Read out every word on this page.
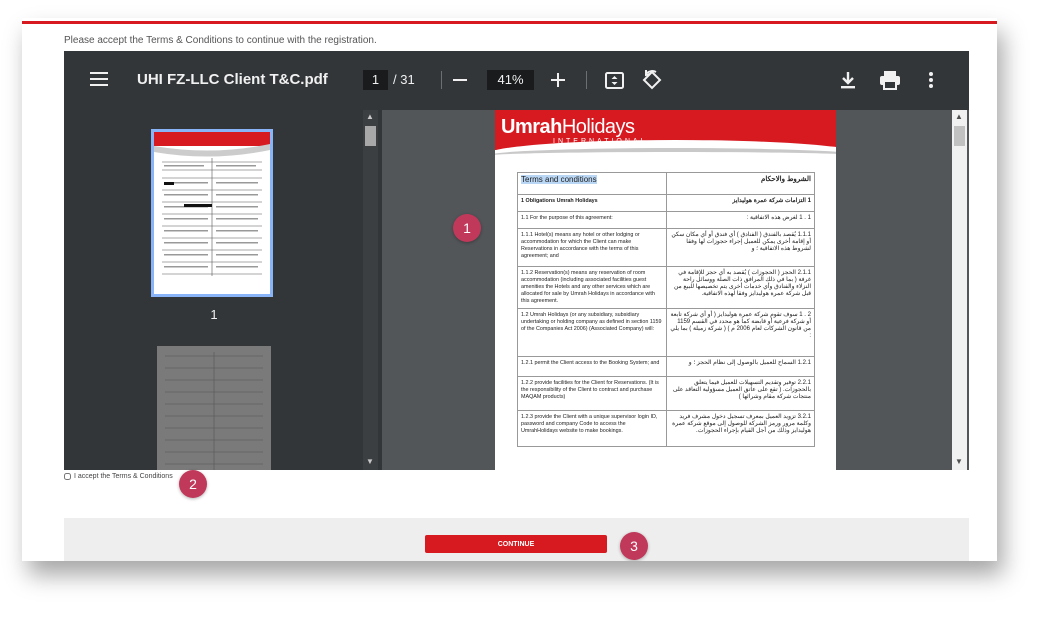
Please accept the Terms & Conditions to continue with the registration.
UHI FZ-LLC Client T&C.pdf	1	/ 31	41%
1
▲
▼
UmrahHolidays
INTERNATIONAL
Terms and conditions	الشروط والاحكام
1 Obligations Umrah Holidays	1 التزامات شركة عمرة هوليدايز
1.1 For the purpose of this agreement:	1 . 1 لغرض هذه الاتفاقية :
1.1.1 Hotel(s) means any hotel or other lodging or accommodation for which the Client can make Reservations in accordance with the terms of this agreement; and	1.1.1 يُقصد بالفندق ( الفنادق ) أي فندق أو أي مكان سكن أو إقامة أخرى يمكن للعميل إجراء حجوزات لها وفقا لشروط هذه الاتفاقية ؛ و
1.1.2 Reservation(s) means any reservation of room accommodation (including associated facilities guest amenities the Hotels and any other services which are allocated for sale by Umrah Holidays in accordance with this agreement.	2.1.1 الحجز ( الحجوزات ) يُقصد به أي حجز للإقامة في غرفة ( بما في ذلك المرافق ذات الصلة ووسائل راحة النزلاء والفنادق وأي خدمات أخرى يتم تخصيصها للبيع من قبل شركة عمرة هوليدايز وفقا لهذه الاتفاقية.
1.2 Umrah Holidays (or any subsidiary, subsidiary undertaking or holding company as defined in section 1159 of the Companies Act 2006) (Associated Company) will:	2 . 1 سوف تقوم شركة عمرة هوليدايز ( أو أي شركة تابعة أو شركة فرعية أو قابضة كما هو محدد في القسم 1159 من قانون الشركات لعام 2006 م ) ( شركة زميلة ) بما يلي :
1.2.1 permit the Client access to the Booking System; and	1.2.1 السماح للعميل بالوصول إلى نظام الحجز ؛ و
1.2.2 provide facilities for the Client for Reservations. (It is the responsibility of the Client to contract and purchase MAQAM products)	2.2.1 توفير وتقديم التسهيلات للعميل فيما يتعلق بالحجوزات. ( تقع على عاتق العميل مسؤولية التعاقد على منتجات شركة مقام وشرائها )
1.2.3 provide the Client with a unique supervisor login ID, password and company Code to access the UmrahHolidays website to make bookings.	3.2.1 تزويد العميل بمعرف تسجيل دخول مشرف فريد وكلمة مرور ورمز الشركة للوصول إلى موقع شركة عمرة هوليدايز وذلك من أجل القيام بإجراء الحجوزات.
▲
▼
1
2
I accept the Terms & Conditions
CONTINUE	3
